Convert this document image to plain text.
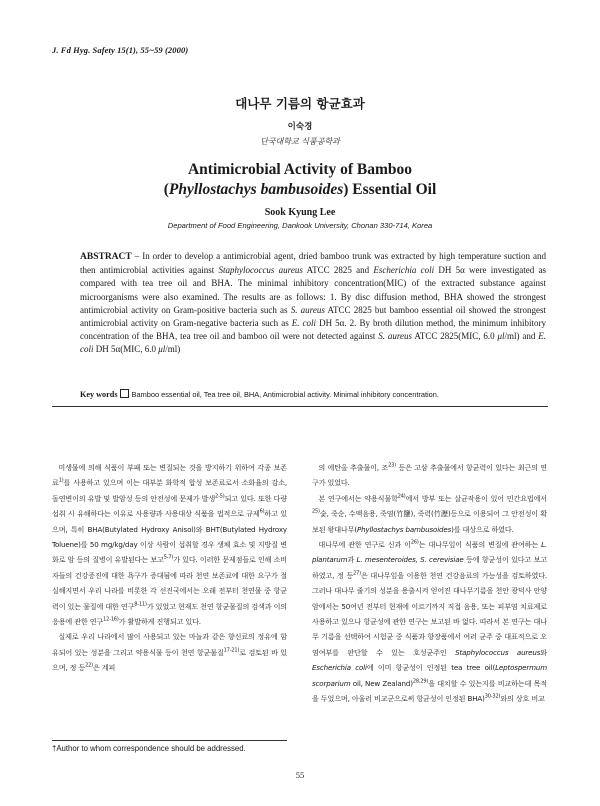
J. Fd Hyg. Safety 15(1), 55~59 (2000)
대나무 기름의 항균효과
이숙경
단국대학교 식품공학과
Antimicrobial Activity of Bamboo
(Phyllostachys bambusoides) Essential Oil
Sook Kyung Lee
Department of Food Engineering, Dankook University, Chonan 330-714, Korea

ABSTRACT – In order to develop a antimicrobial agent, dried bamboo trunk was extracted by high temperature suction and then antimicrobial activities against Staphylococcus aureus ATCC 2825 and Escherichia coli DH 5α were investigated as compared with tea tree oil and BHA. The minimal inhibitory concentration(MIC) of the extracted substance against microorganisms were also examined. The results are as follows: 1. By disc diffusion method, BHA showed the strongest antimicrobial activity on Gram-positive bacteria such as S. aureus ATCC 2825 but bamboo essential oil showed the strongest antimicrobial activity on Gram-negative bacteria such as E. coli DH 5α. 2. By broth dilution method, the minimum inhibitory concentration of the BHA, tea tree oil and bamboo oil were not detected against S. aureus ATCC 2825(MIC, 6.0 μl/ml) and E. coli DH 5α(MIC, 6.0 μl/ml)

Key words Bamboo essential oil, Tea tree oil, BHA, Antimicrobial activity. Minimal inhibitory concentration.

미생물에 의해 식품이 부패 또는 변질되는 것을 방지하기 위하여 각종 보존료$^{1)}$를 사용하고 있으며 이는 대부분 화학적 합성 보존료로서 소화율의 감소, 돌연변이의 유발 및 발암성 등의 안전성에 문제가 발생$^{2-5)}$되고 있다. 또한 다량 섭취 시 유해하다는 이유로 사용량과 사용대상 식품을 법적으로 규제$^{6)}$하고 있으며, 특히 BHA(Butylated Hydroxy Anisol)와 BHT(Butylated Hydroxy Toluene)를 50 mg/kg/day 이상 사람이 섭취할 경우 생체 효소 및 지방질 변화로 암 등의 질병이 유발된다는 보고$^{5-7)}$가 있다. 이러한 문제점들로 인해 소비자들의 건강증진에 대한 욕구가 증대됨에 따라 천연 보존료에 대한 요구가 절실해지면서 우리 나라를 비롯한 각 선진국에서는 오래 전부터 천연물 중 항균력이 있는 물질에 대한 연구$^{8-11)}$가 있었고 현재도 천연 항균물질의 검색과 이의 응용에 관한 연구$^{12-16)}$가 활발하게 진행되고 있다.

실제로 우리 나라에서 많이 사용되고 있는 마늘과 같은 향신료의 정유에 함유되어 있는 성분을 그리고 약용식물 등이 천연 항균물질$^{17-21)}$로 검토된 바 있으며, 정 등$^{22)}$은 계피

의 에탄올 추출물이, 조$^{23)}$ 등은 고삼 추출물에서 항균력이 있다는 최근의 연구가 있었다.

본 연구에서는 약용식물학$^{24)}$에서 방부 또는 살균작용이 있어 민간요법에서$^{25)}$숯, 죽순, 수액음용, 죽염(竹鹽), 죽력(竹瀝)등으로 이용되어 그 안전성이 확보된 왕대나무(Phyllostachys bambusoides)를 대상으로 하였다.

대나무에 관한 연구로 신과 이$^{26)}$는 대나무잎이 식품의 변질에 관여하는 L. plantarum과 L. mesenteroides, S. cerevisiae 등에 항균성이 있다고 보고하였고, 정 등$^{27)}$은 대나무잎을 이용한 천연 건강음료의 가능성을 검토하였다. 그러나 대나무 줄기의 성분을 용출시켜 얻어진 대나무기름을 천안 광덕사 안양암에서는 50여년 전부터 현재에 이르기까지 직접 음용, 또는 피부염 치료제로 사용하고 있으나 항균성에 관한 연구는 보고된 바 없다. 따라서 본 연구는 대나무 기름을 선택하여 시험균 중 식품과 향장품에서 여러 균주 중 대표적으로 오염여부를 판단할 수 있는 호성균주인 Staphylococcus aureus와 Escherichia coli에 이미 항균성이 인정된 tea tree oil(Leptospermum scorparium oil, New Zealand)$^{28,29)}$을 대치할 수 있는지를 비교하는데 목적을 두었으며, 아울러 비교군으로써 항균성이 인정된 BHA)$^{30-32)}$와의 상호 비교

†Author to whom correspondence should be addressed.
55
